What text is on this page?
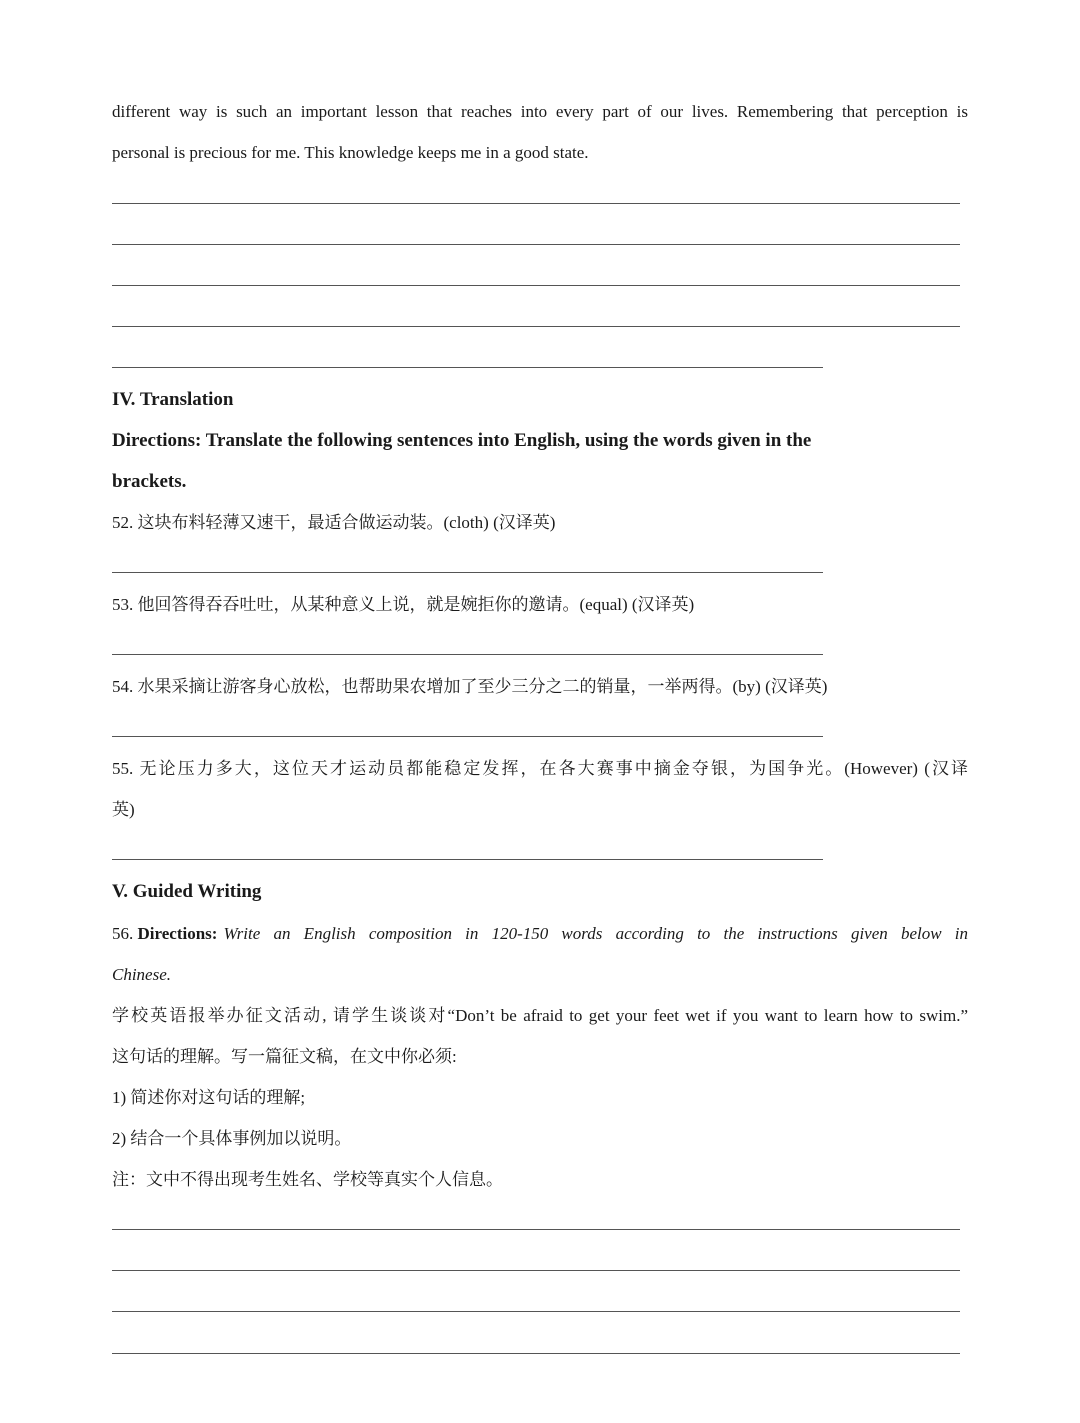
different way is such an important lesson that reaches into every part of our lives. Remembering that perception is
personal is precious for me. This knowledge keeps me in a good state.
IV. Translation
Directions: Translate the following sentences into English, using the words given in the
brackets.
52. 这块布料轻薄又速干，最适合做运动装。(cloth) (汉译英)
53. 他回答得吞吞吐吐，从某种意义上说，就是婉拒你的邀请。(equal) (汉译英)
54. 水果采摘让游客身心放松，也帮助果农增加了至少三分之二的销量，一举两得。(by) (汉译英)
55. 无论压力多大，这位天才运动员都能稳定发挥，在各大赛事中摘金夺银，为国争光。(However) (汉译
英)
V. Guided Writing
56. Directions: Write an English composition in 120-150 words according to the instructions given below in
Chinese.
学校英语报举办征文活动, 请学生谈谈对“Don’t be afraid to get your feet wet if you want to learn how to swim.”
这句话的理解。写一篇征文稿，在文中你必须:
1) 简述你对这句话的理解;
2) 结合一个具体事例加以说明。
注：文中不得出现考生姓名、学校等真实个人信息。
